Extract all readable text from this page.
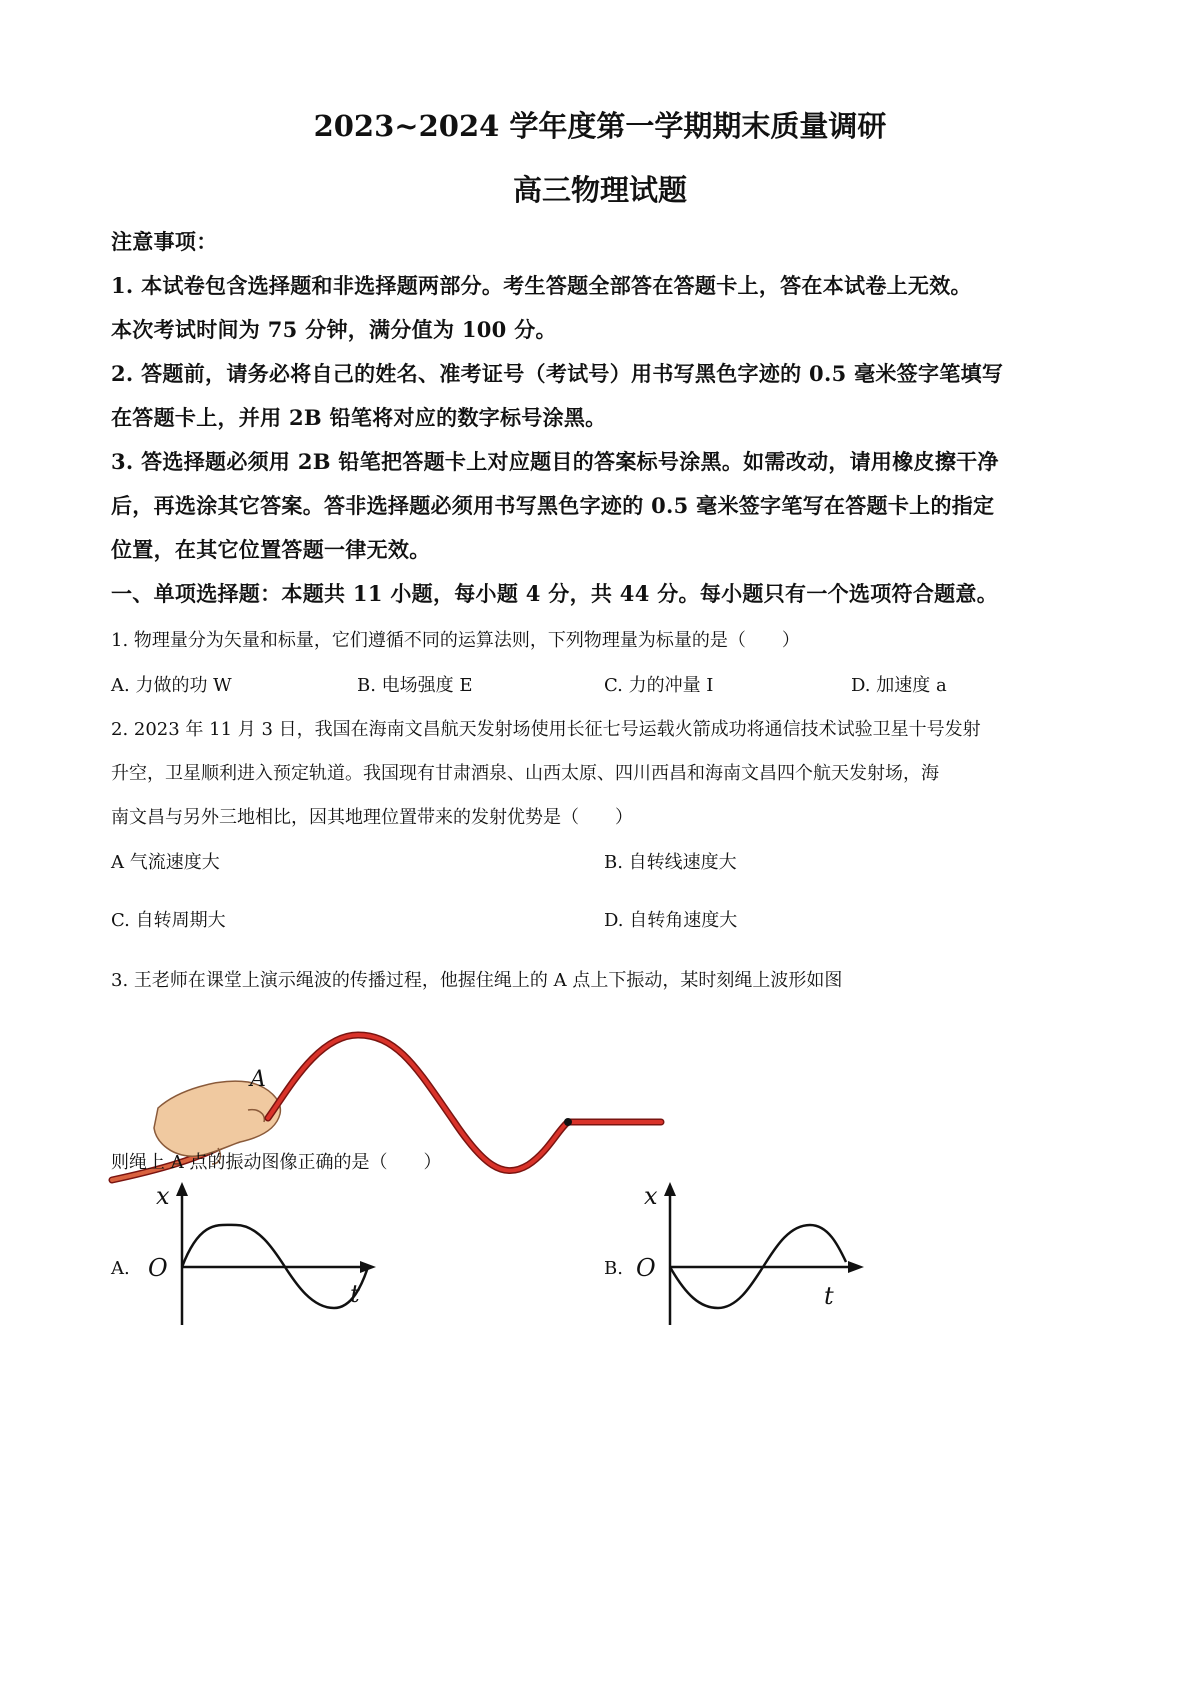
2023~2024 学年度第一学期期末质量调研
高三物理试题
注意事项：
1. 本试卷包含选择题和非选择题两部分。考生答题全部答在答题卡上，答在本试卷上无效。
本次考试时间为 75 分钟，满分值为 100 分。
2. 答题前，请务必将自己的姓名、准考证号（考试号）用书写黑色字迹的 0.5 毫米签字笔填写
在答题卡上，并用 2B 铅笔将对应的数字标号涂黑。
3. 答选择题必须用 2B 铅笔把答题卡上对应题目的答案标号涂黑。如需改动，请用橡皮擦干净
后，再选涂其它答案。答非选择题必须用书写黑色字迹的 0.5 毫米签字笔写在答题卡上的指定
位置，在其它位置答题一律无效。
一、单项选择题：本题共 11 小题，每小题 4 分，共 44 分。每小题只有一个选项符合题意。
1. 物理量分为矢量和标量，它们遵循不同的运算法则，下列物理量为标量的是（　　）
A. 力做的功 W	B. 电场强度 E	C. 力的冲量 I	D. 加速度 a
2. 2023 年 11 月 3 日，我国在海南文昌航天发射场使用长征七号运载火箭成功将通信技术试验卫星十号发射
升空，卫星顺利进入预定轨道。我国现有甘肃酒泉、山西太原、四川西昌和海南文昌四个航天发射场，海
南文昌与另外三地相比，因其地理位置带来的发射优势是（　　）
A 气流速度大	B. 自转线速度大
C. 自转周期大	D. 自转角速度大
3. 王老师在课堂上演示绳波的传播过程，他握住绳上的 A 点上下振动，某时刻绳上波形如图
A
则绳上 A 点的振动图像正确的是（　　）
A.
x
O
t
B.
x
O
t
